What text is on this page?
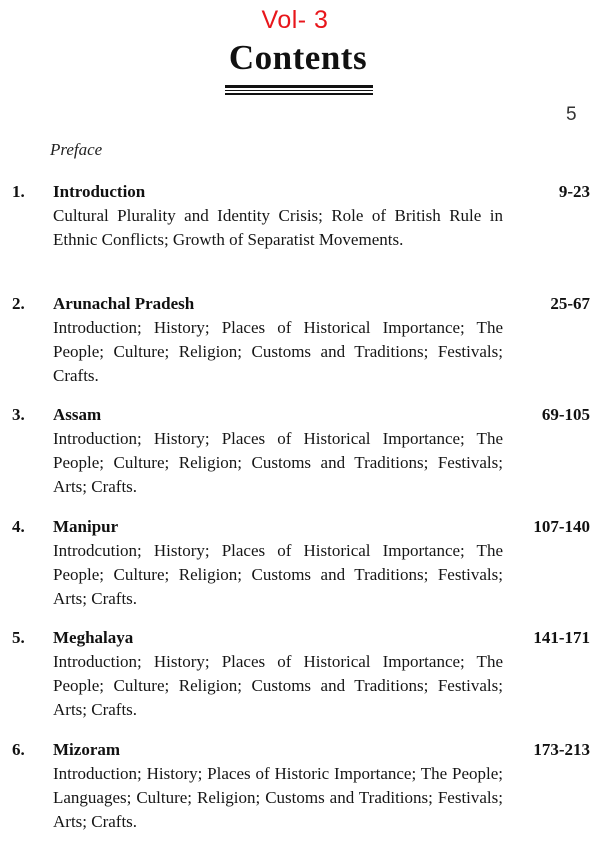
Vol- 3
Contents
5
Preface
1. Introduction	9-23
Cultural Plurality and Identity Crisis; Role of British Rule in Ethnic Conflicts; Growth of Separatist Movements.
2. Arunachal Pradesh	25-67
Introduction; History; Places of Historical Importance; The People; Culture; Religion; Customs and Traditions; Festivals; Crafts.
3. Assam	69-105
Introduction; History; Places of Historical Importance; The People; Culture; Religion; Customs and Traditions; Festivals; Arts; Crafts.
4. Manipur	107-140
Introdcution; History; Places of Historical Importance; The People; Culture; Religion; Customs and Traditions; Festivals; Arts; Crafts.
5. Meghalaya	141-171
Introduction; History; Places of Historical Importance; The People; Culture; Religion; Customs and Traditions; Festivals; Arts; Crafts.
6. Mizoram	173-213
Introduction; History; Places of Historic Importance; The People; Languages; Culture; Religion; Customs and Traditions; Festivals; Arts; Crafts.
